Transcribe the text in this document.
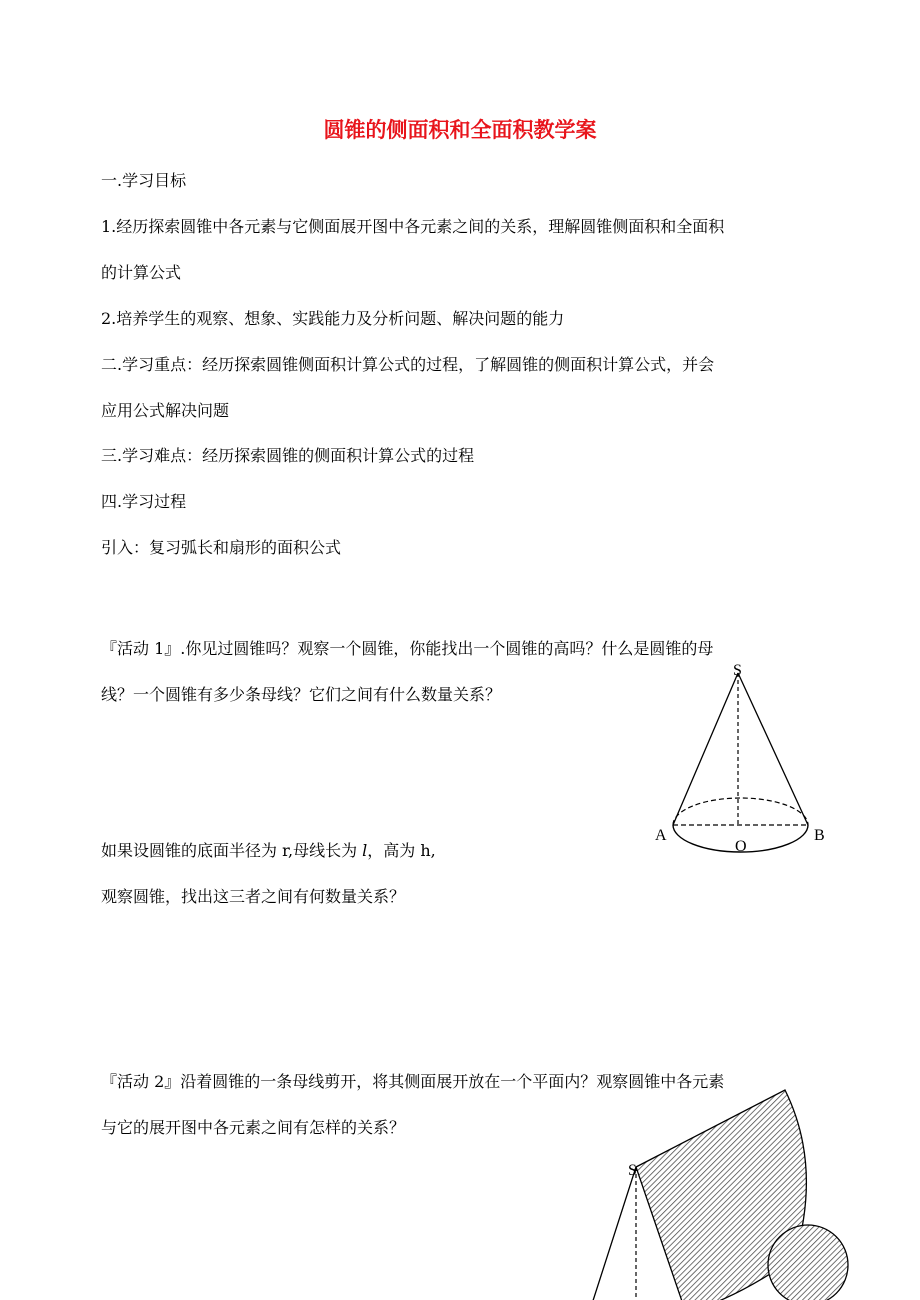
圆锥的侧面积和全面积教学案

一.学习目标

1.经历探索圆锥中各元素与它侧面展开图中各元素之间的关系，理解圆锥侧面积和全面积

的计算公式

2.培养学生的观察、想象、实践能力及分析问题、解决问题的能力

二.学习重点：经历探索圆锥侧面积计算公式的过程，了解圆锥的侧面积计算公式，并会

应用公式解决问题

三.学习难点：经历探索圆锥的侧面积计算公式的过程

四.学习过程

引入：复习弧长和扇形的面积公式

『活动 1』.你见过圆锥吗？观察一个圆锥，你能找出一个圆锥的高吗？什么是圆锥的母

线？一个圆锥有多少条母线？它们之间有什么数量关系？

如果设圆锥的底面半径为 r,母线长为 l，高为 h,

观察圆锥，找出这三者之间有何数量关系？

『活动 2』沿着圆锥的一条母线剪开，将其侧面展开放在一个平面内？观察圆锥中各元素

与它的展开图中各元素之间有怎样的关系？

S
A	B
O
S
